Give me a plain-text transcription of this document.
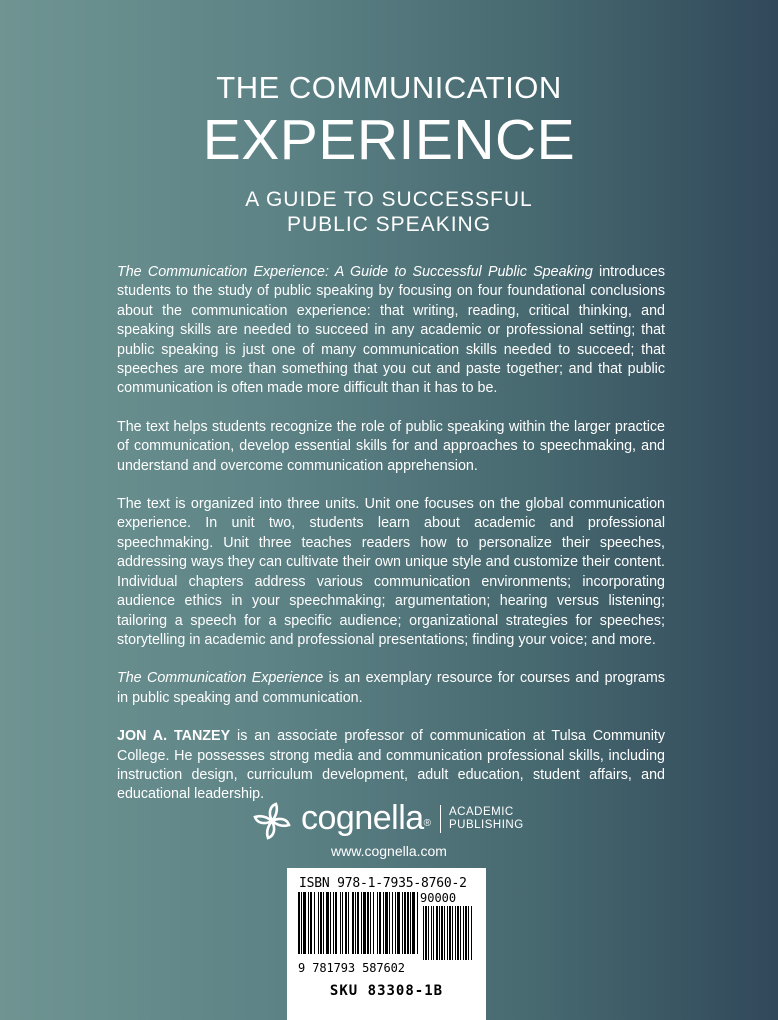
THE COMMUNICATION
EXPERIENCE
A GUIDE TO SUCCESSFUL
PUBLIC SPEAKING

The Communication Experience: A Guide to Successful Public Speaking introduces students to the study of public speaking by focusing on four foundational conclusions about the communication experience: that writing, reading, critical thinking, and speaking skills are needed to succeed in any academic or professional setting; that public speaking is just one of many communication skills needed to succeed; that speeches are more than something that you cut and paste together; and that public communication is often made more difficult than it has to be.

The text helps students recognize the role of public speaking within the larger practice of communication, develop essential skills for and approaches to speechmaking, and understand and overcome communication apprehension.

The text is organized into three units. Unit one focuses on the global communication experience. In unit two, students learn about academic and professional speechmaking. Unit three teaches readers how to personalize their speeches, addressing ways they can cultivate their own unique style and customize their content. Individual chapters address various communication environments; incorporating audience ethics in your speechmaking; argumentation; hearing versus listening; tailoring a speech for a specific audience; organizational strategies for speeches; storytelling in academic and professional presentations; finding your voice; and more.

The Communication Experience is an exemplary resource for courses and programs in public speaking and communication.

JON A. TANZEY is an associate professor of communication at Tulsa Community College. He possesses strong media and communication professional skills, including instruction design, curriculum development, adult education, student affairs, and educational leadership.

cognella®
ACADEMIC
PUBLISHING
www.cognella.com
ISBN 978-1-7935-8760-2
90000
9 781793 587602
SKU 83308-1B
